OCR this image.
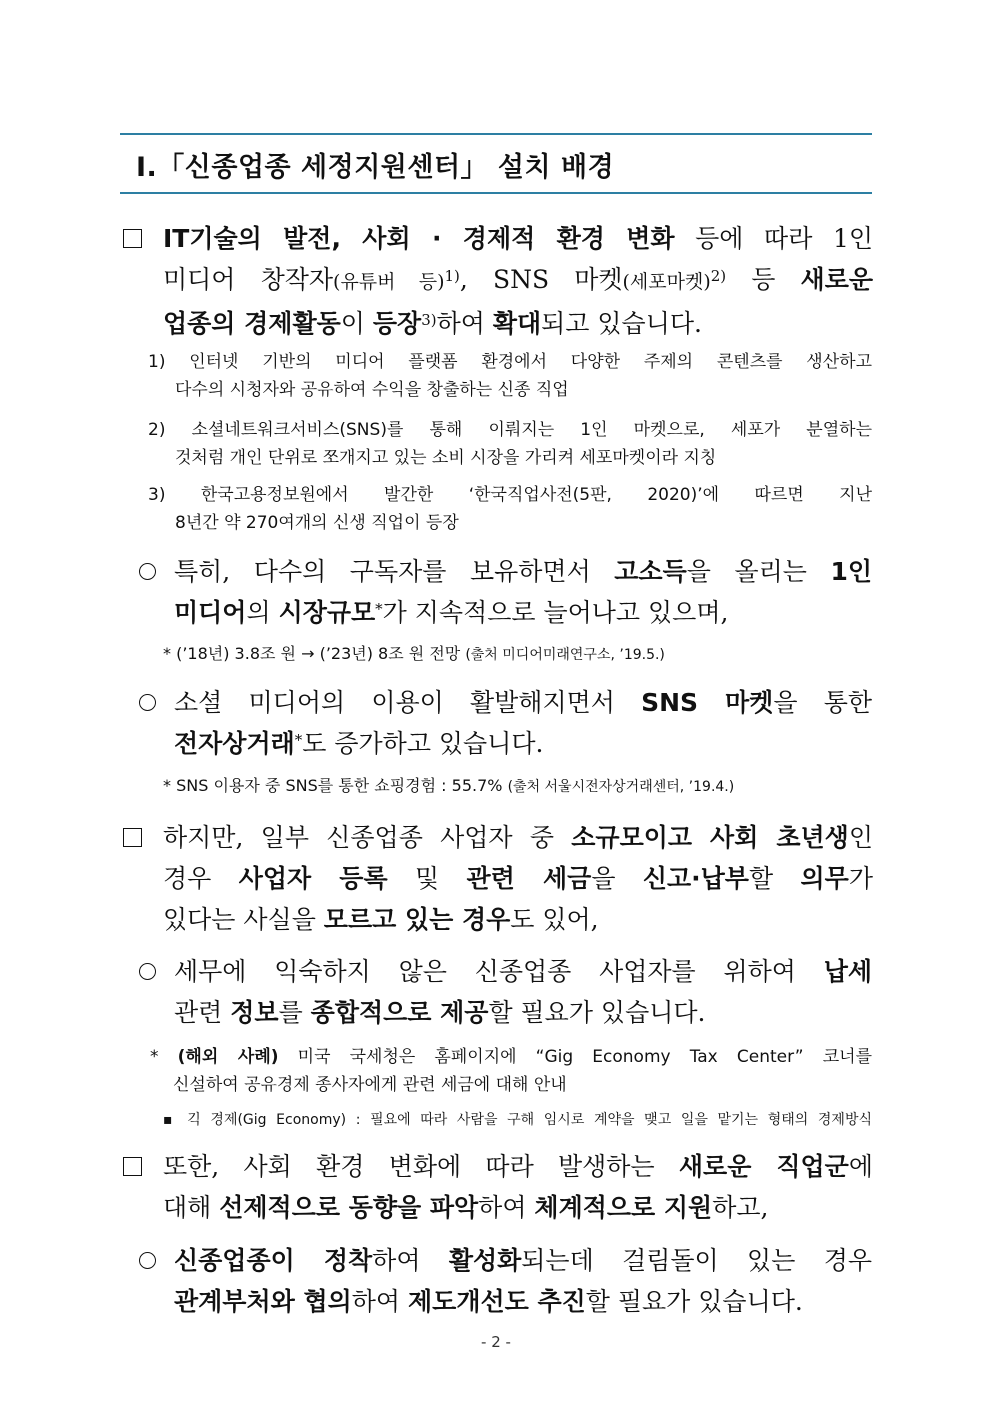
Ⅰ.「신종업종 세정지원센터」 설치 배경
IT기술의 발전, 사회 · 경제적 환경 변화 등에 따라 1인
미디어 창작자(유튜버 등)$^{1)}$, SNS 마켓(세포마켓)$^{2)}$ 등 새로운
업종의 경제활동이 등장$^{3)}$하여 확대되고 있습니다.
1) 인터넷 기반의 미디어 플랫폼 환경에서 다양한 주제의 콘텐츠를 생산하고
다수의 시청자와 공유하여 수익을 창출하는 신종 직업
2) 소셜네트워크서비스(SNS)를 통해 이뤄지는 1인 마켓으로, 세포가 분열하는
것처럼 개인 단위로 쪼개지고 있는 소비 시장을 가리켜 세포마켓이라 지칭
3) 한국고용정보원에서 발간한 ‘한국직업사전(5판, 2020)’에 따르면 지난
8년간 약 270여개의 신생 직업이 등장
특히, 다수의 구독자를 보유하면서 고소득을 올리는 1인
미디어의 시장규모*가 지속적으로 늘어나고 있으며,
* (’18년) 3.8조 원 → (’23년) 8조 원 전망 (출처 미디어미래연구소, ’19.5.)
소셜 미디어의 이용이 활발해지면서 SNS 마켓을 통한
전자상거래*도 증가하고 있습니다.
* SNS 이용자 중 SNS를 통한 쇼핑경험 : 55.7% (출처 서울시전자상거래센터, ’19.4.)
하지만, 일부 신종업종 사업자 중 소규모이고 사회 초년생인
경우 사업자 등록 및 관련 세금을 신고·납부할 의무가
있다는 사실을 모르고 있는 경우도 있어,
세무에 익숙하지 않은 신종업종 사업자를 위하여 납세
관련 정보를 종합적으로 제공할 필요가 있습니다.
* (해외 사례) 미국 국세청은 홈페이지에 “Gig Economy Tax Center” 코너를
신설하여 공유경제 종사자에게 관련 세금에 대해 안내
▪ 긱 경제(Gig Economy) : 필요에 따라 사람을 구해 임시로 계약을 맺고 일을 맡기는 형태의 경제방식
또한, 사회 환경 변화에 따라 발생하는 새로운 직업군에
대해 선제적으로 동향을 파악하여 체계적으로 지원하고,
신종업종이 정착하여 활성화되는데 걸림돌이 있는 경우
관계부처와 협의하여 제도개선도 추진할 필요가 있습니다.
- 2 -
